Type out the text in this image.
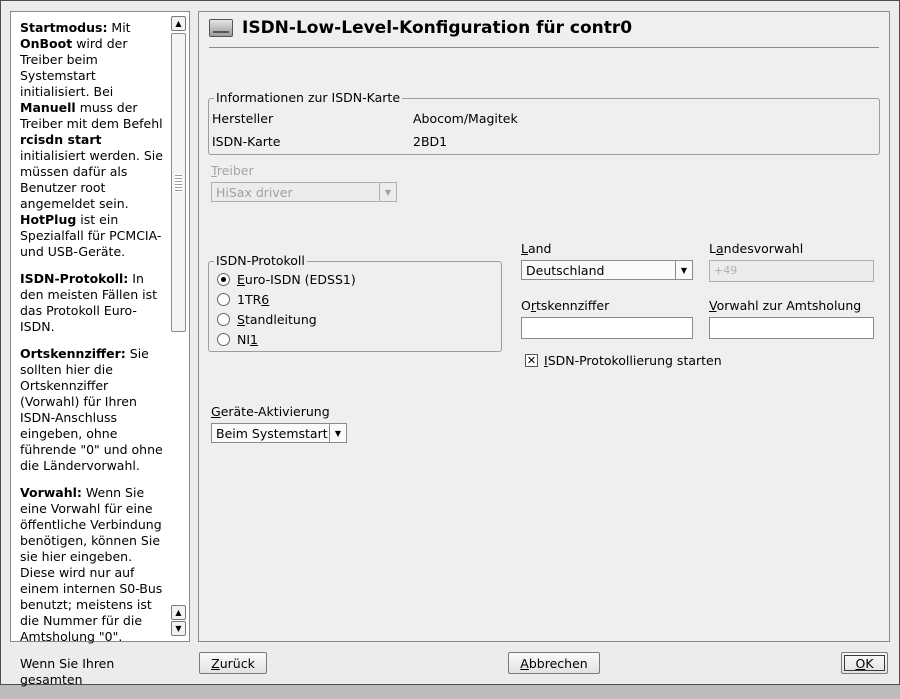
Startmodus: Mit OnBoot wird der Treiber beim Systemstart initialisiert. Bei Manuell muss der Treiber mit dem Befehl rcisdn start initialisiert werden. Sie müssen dafür als Benutzer root angemeldet sein. HotPlug ist ein Spezialfall für PCMCIA- und USB-Geräte.

ISDN-Protokoll: In den meisten Fällen ist das Protokoll Euro-ISDN.

Ortskennziffer: Sie sollten hier die Ortskennziffer (Vorwahl) für Ihren ISDN-Anschluss eingeben, ohne führende "0" und ohne die Ländervorwahl.

Vorwahl: Wenn Sie eine Vorwahl für eine öffentliche Verbindung benötigen, können Sie sie hier eingeben. Diese wird nur auf einem internen S0-Bus benutzt; meistens ist die Nummer für die Amtsholung "0".

Wenn Sie Ihren gesamten

▲
▲
▼
ISDN-Low-Level-Konfiguration für contr0
Informationen zur ISDN-Karte
Hersteller	Abocom/Magitek
ISDN-Karte	2BD1
Treiber
HiSax driver	▼
ISDN-Protokoll
Euro-ISDN (EDSS1)
1TR6
Standleitung
NI1
Land
Deutschland	▼
Landesvorwahl
+49
Ortskennziffer	Vorwahl zur Amtsholung
✕ ISDN-Protokollierung starten
Geräte-Aktivierung
Beim Systemstart ▼
Zurück	Abbrechen	OK
